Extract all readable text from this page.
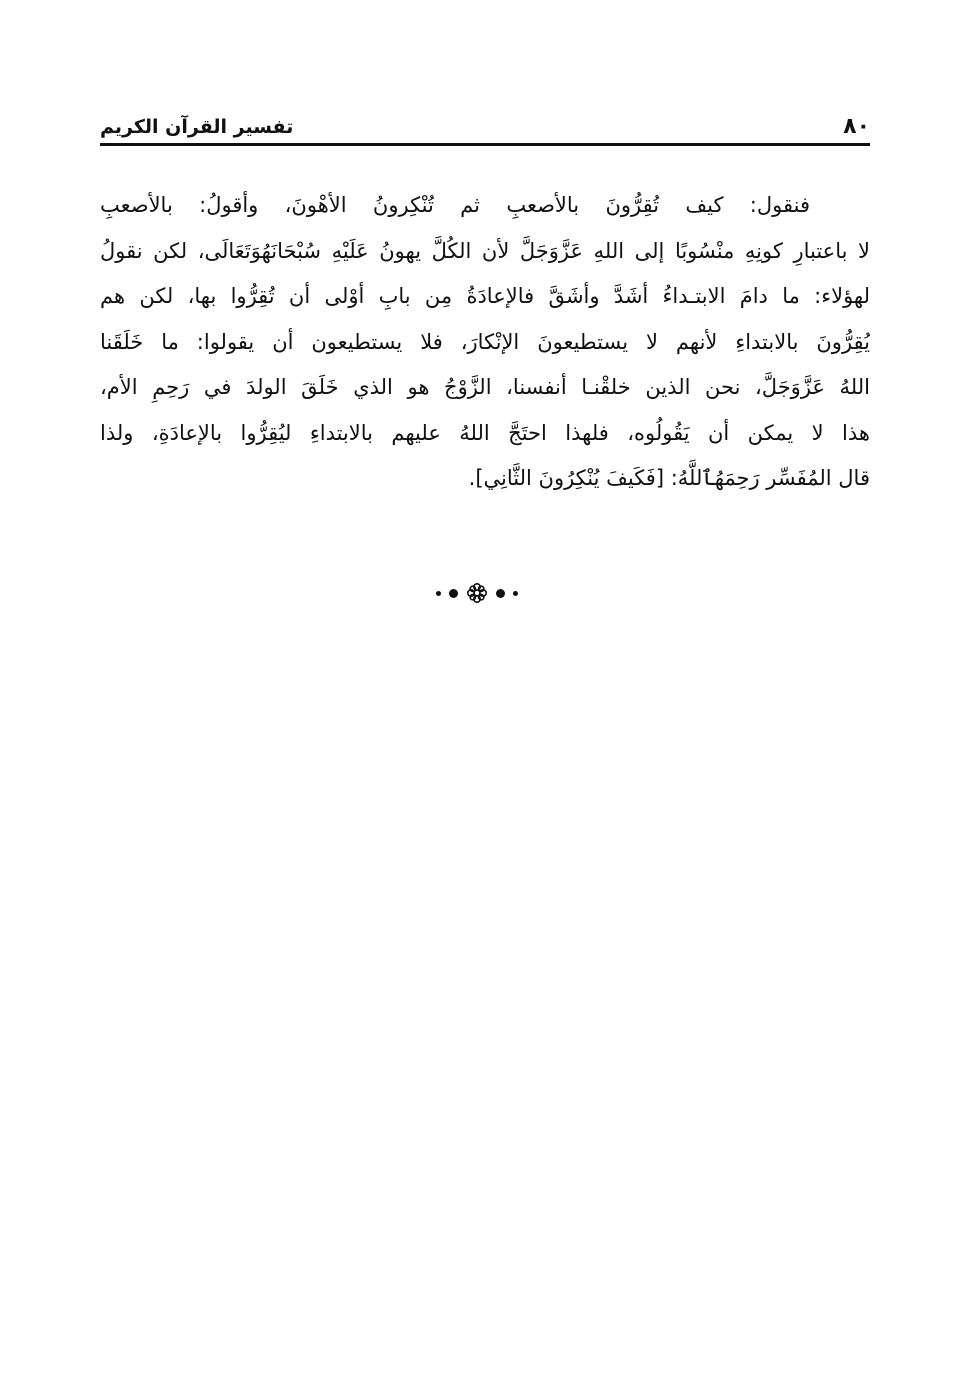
٨٠
تفسير القرآن الكريم
فنقول: كيف تُقِرُّونَ بالأصعبِ ثم تُنْكِرونُ الأهْونَ، وأقولُ: بالأصعبِ
لا باعتبارِ كونِهِ منْسُوبًا إلى اللهِ عَزَّوَجَلَّ لأن الكُلَّ يهونُ عَلَيْهِ سُبْحَانَهُوَتَعَالَى، لكن نقولُ
لهؤلاء: ما دامَ الابتـداءُ أشَدَّ وأشَقَّ فالإعادَةُ مِن بابِ أوْلى أن تُقِرُّوا بها، لكن هم
يُقِرُّونَ بالابتداءِ لأنهم لا يستطيعونَ الإنْكارَ، فلا يستطيعون أن يقولوا: ما خَلَقَنا
اللهُ عَزَّوَجَلَّ، نحن الذين خلقْنـا أنفسنا، الزَّوْجُ هو الذي خَلَقَ الولدَ في رَحِمِ الأم،
هذا لا يمكن أن يَقُولُوه، فلهذا احتَجَّ اللهُ عليهم بالابتداءِ ليُقِرُّوا بالإعادَةِ، ولذا
قال المُفَسِّر رَحِمَهُٱللَّهُ: [فَكَيفَ يُنْكِرُونَ الثَّانِي].
